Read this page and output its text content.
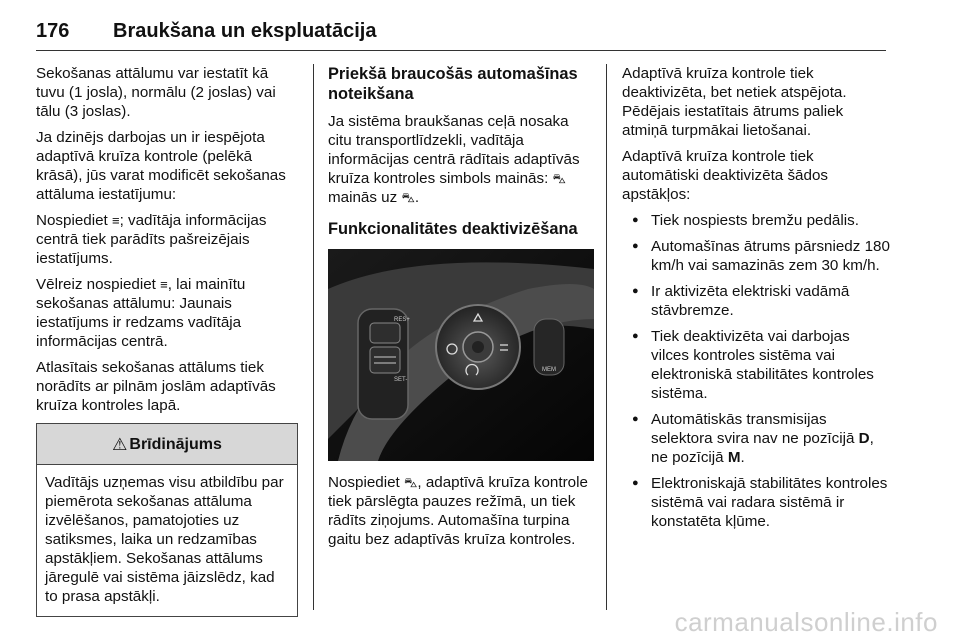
176 Braukšana un ekspluatācija

Sekošanas attālumu var iestatīt kā tuvu (1 josla), normālu (2 joslas) vai tālu (3 joslas).

Ja dzinējs darbojas un ir iespējota adaptīvā kruīza kontrole (pelēkā krāsā), jūs varat modificēt sekošanas attāluma iestatījumu:

Nospiediet ≡; vadītāja informācijas centrā tiek parādīts pašreizējais iestatījums.

Vēlreiz nospiediet ≡, lai mainītu sekošanas attālumu: Jaunais iestatījums ir redzams vadītāja informācijas centrā.

Atlasītais sekošanas attālums tiek norādīts ar pilnām joslām adaptīvās kruīza kontroles lapā.

⚠ Brīdinājums
Vadītājs uzņemas visu atbildību par piemērota sekošanas attāluma izvēlēšanos, pamatojoties uz satiksmes, laika un redzamības apstākļiem. Sekošanas attālums jāregulē vai sistēma jāizslēdz, kad to prasa apstākļi.
Priekšā braucošās automašīnas noteikšana

Ja sistēma braukšanas ceļā nosaka citu transportlīdzekli, vadītāja informācijas centrā rādītais adaptīvās kruīza kontroles simbols mainās: ⛍ mainās uz ⛍.

Funkcionalitātes deaktivizēšana
RES+
SET-
MEM

Nospiediet ⛍, adaptīvā kruīza kontrole tiek pārslēgta pauzes režīmā, un tiek rādīts ziņojums. Automašīna turpina gaitu bez adaptīvās kruīza kontroles.

Adaptīvā kruīza kontrole tiek deaktivizēta, bet netiek atspējota. Pēdējais iestatītais ātrums paliek atmiņā turpmākai lietošanai.

Adaptīvā kruīza kontrole tiek automātiski deaktivizēta šādos apstākļos:

● Tiek nospiests bremžu pedālis.
● Automašīnas ātrums pārsniedz 180 km/h vai samazinās zem 30 km/h.
● Ir aktivizēta elektriski vadāmā stāvbremze.
● Tiek deaktivizēta vai darbojas vilces kontroles sistēma vai elektroniskā stabilitātes kontroles sistēma.
● Automātiskās transmisijas selektora svira nav ne pozīcijā D, ne pozīcijā M.
● Elektroniskajā stabilitātes kontroles sistēmā vai radara sistēmā ir konstatēta kļūme.
carmanualsonline.info
